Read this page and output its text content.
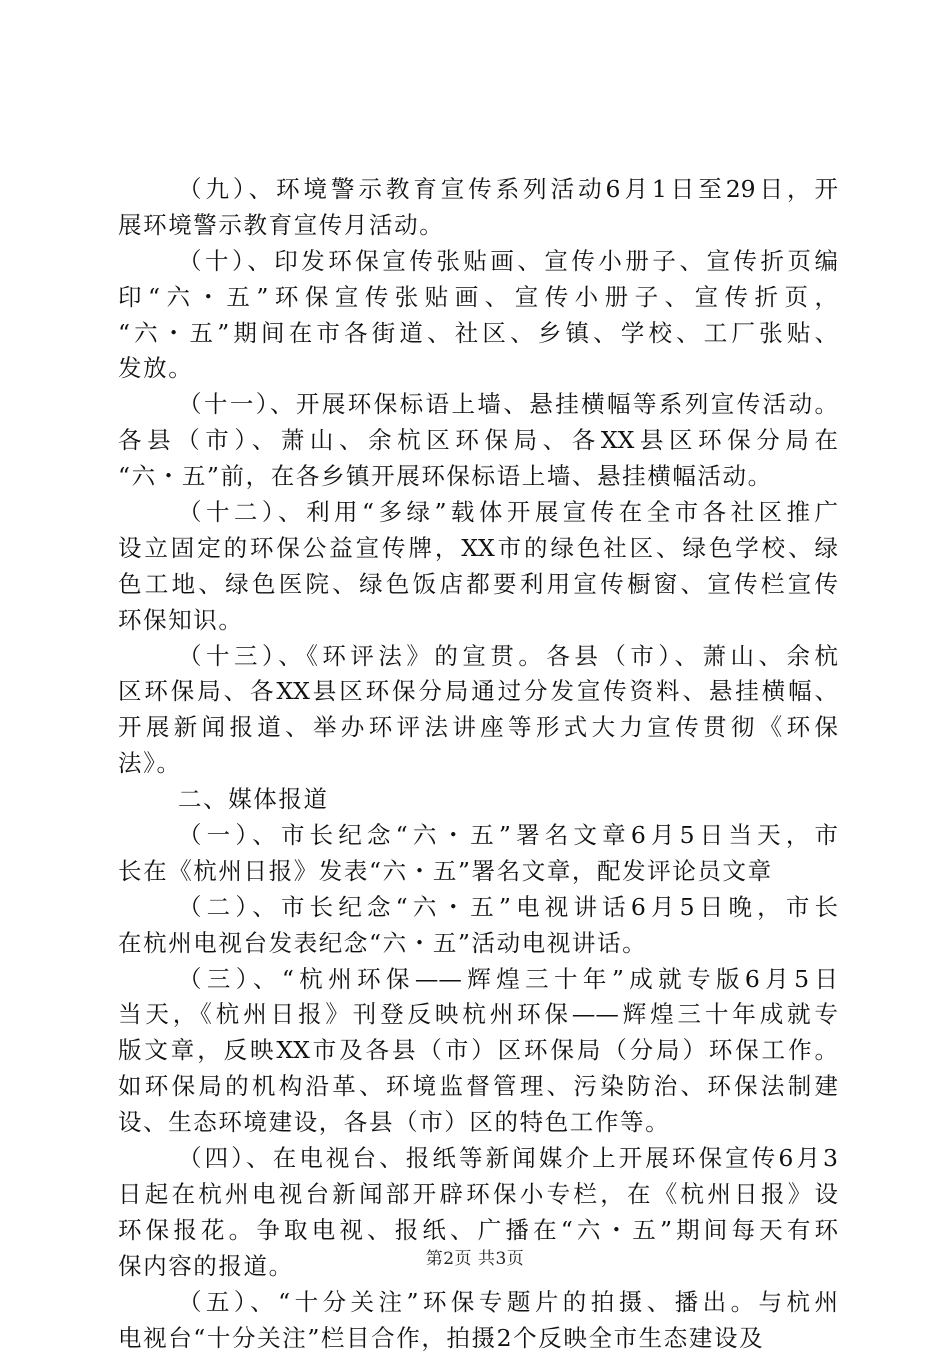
（九）、环境警示教育宣传系列活动6月1日至29日，开
展环境警示教育宣传月活动。
（十）、印发环保宣传张贴画、宣传小册子、宣传折页编
印“六・五”环保宣传张贴画、宣传小册子、宣传折页，
“六・五”期间在市各街道、社区、乡镇、学校、工厂张贴、
发放。
（十一）、开展环保标语上墙、悬挂横幅等系列宣传活动。
各县（市）、萧山、余杭区环保局、各XX县区环保分局在
“六・五”前，在各乡镇开展环保标语上墙、悬挂横幅活动。
（十二）、利用“多绿”载体开展宣传在全市各社区推广
设立固定的环保公益宣传牌，XX市的绿色社区、绿色学校、绿
色工地、绿色医院、绿色饭店都要利用宣传橱窗、宣传栏宣传
环保知识。
（十三）、《环评法》的宣贯。各县（市）、萧山、余杭
区环保局、各XX县区环保分局通过分发宣传资料、悬挂横幅、
开展新闻报道、举办环评法讲座等形式大力宣传贯彻《环保
法》。
二、媒体报道
（一）、市长纪念“六・五”署名文章6月5日当天，市
长在《杭州日报》发表“六・五”署名文章，配发评论员文章
（二）、市长纪念“六・五”电视讲话6月5日晚，市长
在杭州电视台发表纪念“六・五”活动电视讲话。
（三）、“杭州环保——辉煌三十年”成就专版6月5日
当天，《杭州日报》刊登反映杭州环保——辉煌三十年成就专
版文章，反映XX市及各县（市）区环保局（分局）环保工作。
如环保局的机构沿革、环境监督管理、污染防治、环保法制建
设、生态环境建设，各县（市）区的特色工作等。
（四）、在电视台、报纸等新闻媒介上开展环保宣传6月3
日起在杭州电视台新闻部开辟环保小专栏，在《杭州日报》设
环保报花。争取电视、报纸、广播在“六・五”期间每天有环
保内容的报道。
（五）、“十分关注”环保专题片的拍摄、播出。与杭州
电视台“十分关注”栏目合作，拍摄2个反映全市生态建设及
第2页 共3页
